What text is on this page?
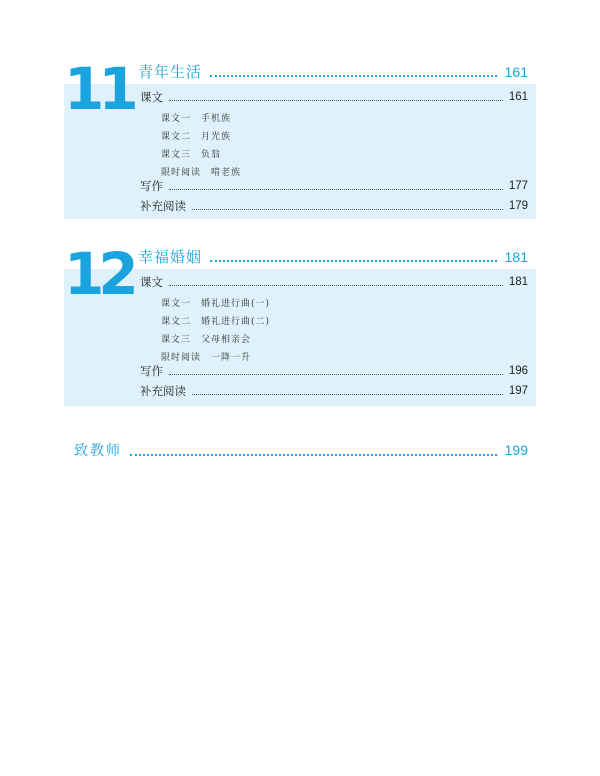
11 青年生活	161
课文	161
课文一 手机族
课文二 月光族
课文三 负翁
限时阅读 啃老族
写作	177
补充阅读	179
12 幸福婚姻	181
课文	181
课文一 婚礼进行曲(一)
课文二 婚礼进行曲(二)
课文三 父母相亲会
限时阅读 一降一升
写作	196
补充阅读	197
致教师	199
